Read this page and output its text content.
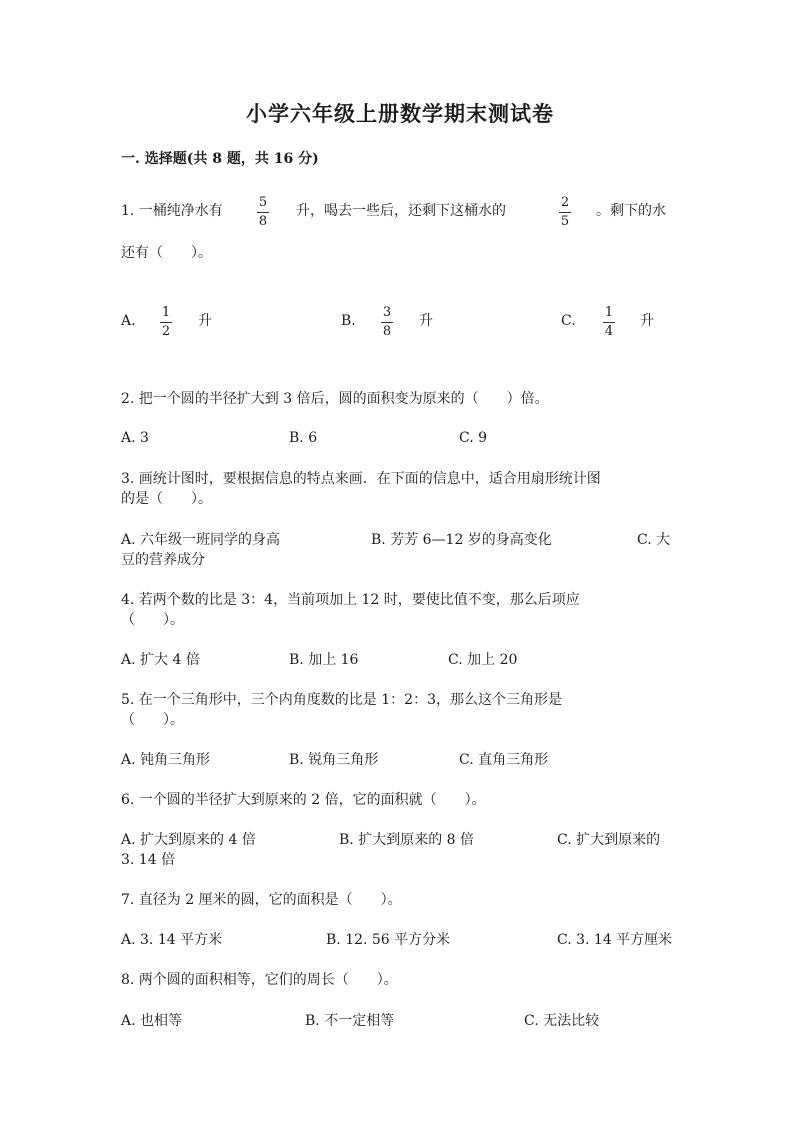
小学六年级上册数学期末测试卷
一. 选择题(共 8 题，共 16 分)
1. 一桶纯净水有
5
8
升，喝去一些后，还剩下这桶水的
2
5
。剩下的水
还有（　　）。
A.
1
2
升	B.
3
8
升	C.
1
4
升
2. 把一个圆的半径扩大到 3 倍后，圆的面积变为原来的（　　）倍。
A. 3	B. 6	C. 9
3. 画统计图时，要根据信息的特点来画．在下面的信息中，适合用扇形统计图
的是（　　）。
A. 六年级一班同学的身高	B. 芳芳 6—12 岁的身高变化	C. 大
豆的营养成分
4. 若两个数的比是 3：4，当前项加上 12 时，要使比值不变，那么后项应
（　　）。
A. 扩大 4 倍	B. 加上 16	C. 加上 20
5. 在一个三角形中，三个内角度数的比是 1：2：3，那么这个三角形是
（　　）。
A. 钝角三角形	B. 锐角三角形	C. 直角三角形
6. 一个圆的半径扩大到原来的 2 倍，它的面积就（　　）。
A. 扩大到原来的 4 倍	B. 扩大到原来的 8 倍	C. 扩大到原来的
3. 14 倍
7. 直径为 2 厘米的圆，它的面积是（　　）。
A. 3. 14 平方米	B. 12. 56 平方分米	C. 3. 14 平方厘米
8. 两个圆的面积相等，它们的周长（　　）。
A. 也相等	B. 不一定相等	C. 无法比较
